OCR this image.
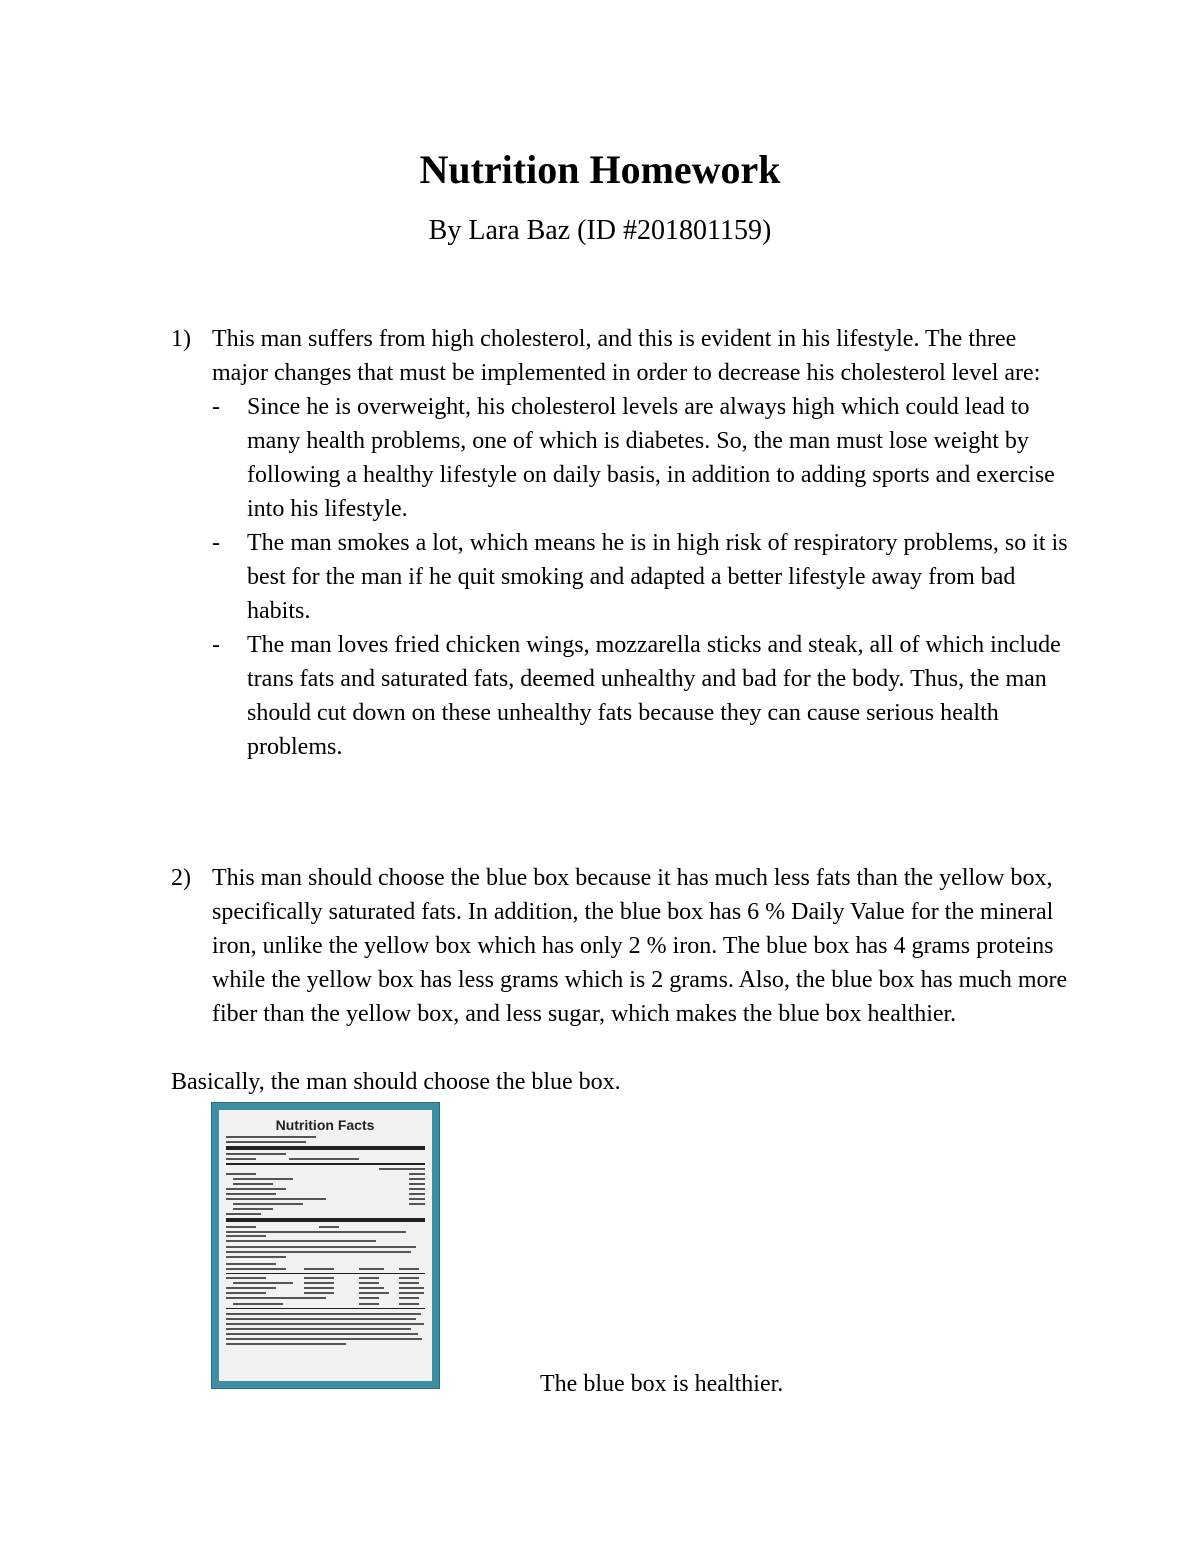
Nutrition Homework
By Lara Baz (ID #201801159)
1) This man suffers from high cholesterol, and this is evident in his lifestyle. The three major changes that must be implemented in order to decrease his cholesterol level are:
- Since he is overweight, his cholesterol levels are always high which could lead to many health problems, one of which is diabetes. So, the man must lose weight by following a healthy lifestyle on daily basis, in addition to adding sports and exercise into his lifestyle.
- The man smokes a lot, which means he is in high risk of respiratory problems, so it is best for the man if he quit smoking and adapted a better lifestyle away from bad habits.
- The man loves fried chicken wings, mozzarella sticks and steak, all of which include trans fats and saturated fats, deemed unhealthy and bad for the body. Thus, the man should cut down on these unhealthy fats because they can cause serious health problems.
2) This man should choose the blue box because it has much less fats than the yellow box, specifically saturated fats. In addition, the blue box has 6 % Daily Value for the mineral iron, unlike the yellow box which has only 2 % iron. The blue box has 4 grams proteins while the yellow box has less grams which is 2 grams. Also, the blue box has much more fiber than the yellow box, and less sugar, which makes the blue box healthier.
Basically, the man should choose the blue box.
Nutrition Facts
The blue box is healthier.
